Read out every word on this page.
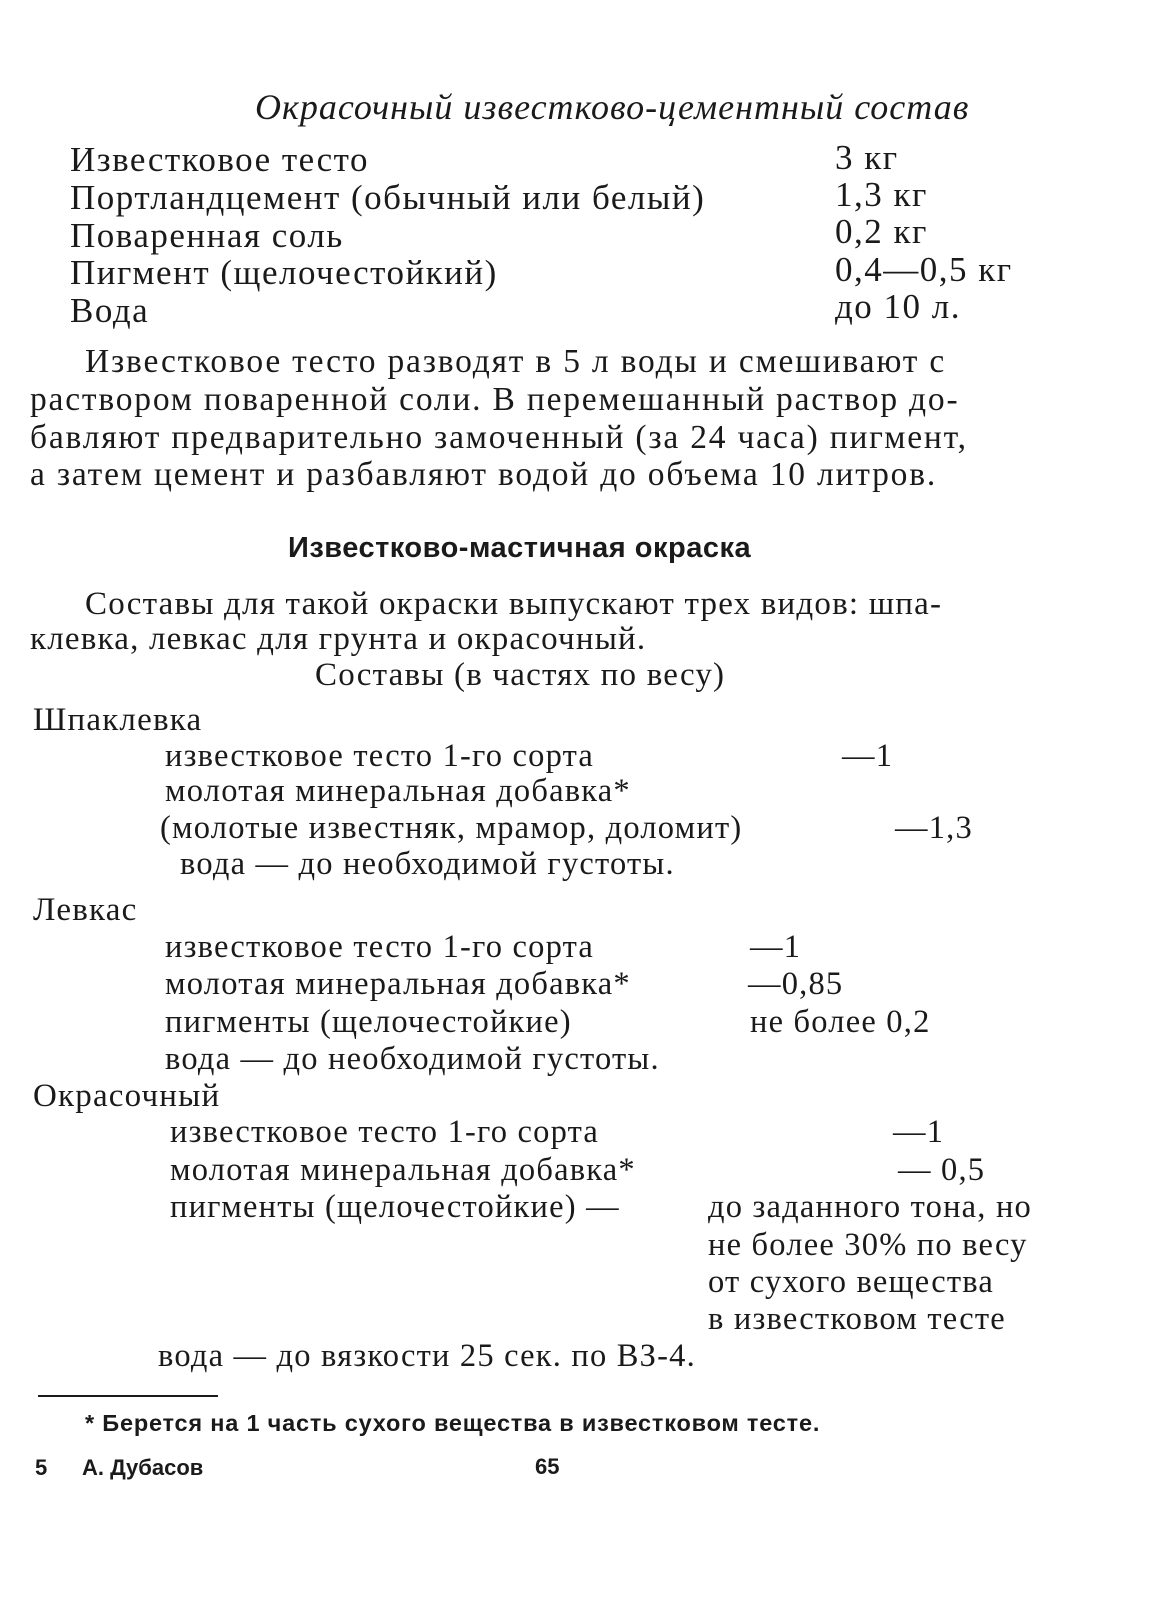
Окрасочный известково-цементный состав
Известковое тесто	3 кг
Портландцемент (обычный или белый)	1,3 кг
Поваренная соль	0,2 кг
Пигмент (щелочестойкий)	0,4—0,5 кг
Вода	до 10 л.
Известковое тесто разводят в 5 л воды и смешивают с
раствором поваренной соли. В перемешанный раствор до-
бавляют предварительно замоченный (за 24 часа) пигмент,
а затем цемент и разбавляют водой до объема 10 литров.
Известково-мастичная окраска
Составы для такой окраски выпускают трех видов: шпа-
клевка, левкас для грунта и окрасочный.
Составы (в частях по весу)
Шпаклевка
известковое тесто 1-го сорта	—1
молотая минеральная добавка*
(молотые известняк, мрамор, доломит)	—1,3
вода — до необходимой густоты.
Левкас
известковое тесто 1-го сорта	—1
молотая минеральная добавка*	—0,85
пигменты (щелочестойкие)	не более 0,2
вода — до необходимой густоты.
Окрасочный
известковое тесто 1-го сорта	—1
молотая минеральная добавка*	— 0,5
пигменты (щелочестойкие) —	до заданного тона, но
не более 30% по весу
от сухого вещества
в известковом тесте
вода — до вязкости 25 сек. по ВЗ-4.
* Берется на 1 часть сухого вещества в известковом тесте.
5 А. Дубасов	65
